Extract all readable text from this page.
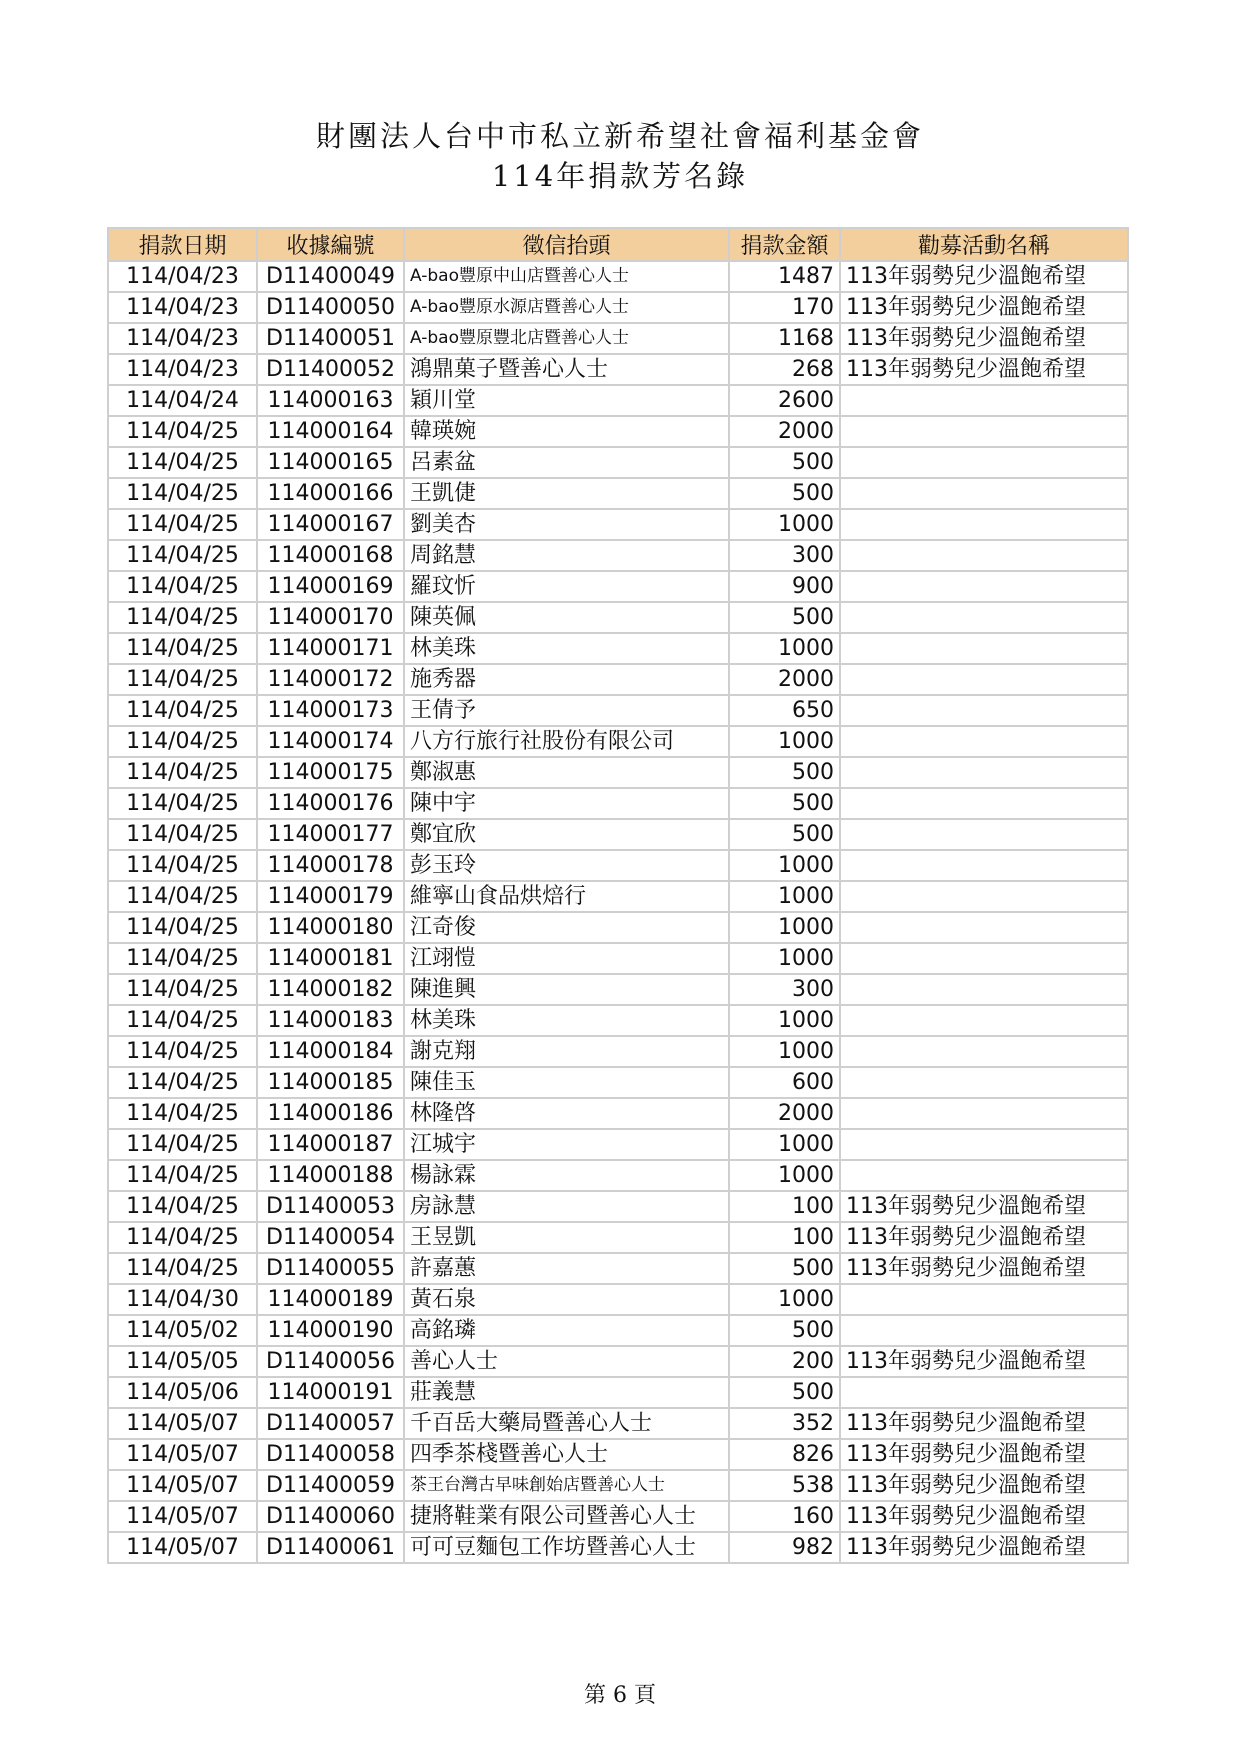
財團法人台中市私立新希望社會福利基金會
114年捐款芳名錄
捐款日期	收據編號	徵信抬頭	捐款金額	勸募活動名稱
114/04/23	D11400049	A-bao豐原中山店暨善心人士	1487	113年弱勢兒少溫飽希望
114/04/23	D11400050	A-bao豐原水源店暨善心人士	170	113年弱勢兒少溫飽希望
114/04/23	D11400051	A-bao豐原豐北店暨善心人士	1168	113年弱勢兒少溫飽希望
114/04/23	D11400052	鴻鼎菓子暨善心人士	268	113年弱勢兒少溫飽希望
114/04/24	114000163	穎川堂	2600	
114/04/25	114000164	韓瑛婉	2000	
114/04/25	114000165	呂素盆	500	
114/04/25	114000166	王凱倢	500	
114/04/25	114000167	劉美杏	1000	
114/04/25	114000168	周銘慧	300	
114/04/25	114000169	羅玟忻	900	
114/04/25	114000170	陳英佩	500	
114/04/25	114000171	林美珠	1000	
114/04/25	114000172	施秀器	2000	
114/04/25	114000173	王倩予	650	
114/04/25	114000174	八方行旅行社股份有限公司	1000	
114/04/25	114000175	鄭淑惠	500	
114/04/25	114000176	陳中宇	500	
114/04/25	114000177	鄭宜欣	500	
114/04/25	114000178	彭玉玲	1000	
114/04/25	114000179	維寧山食品烘焙行	1000	
114/04/25	114000180	江奇俊	1000	
114/04/25	114000181	江翊愷	1000	
114/04/25	114000182	陳進興	300	
114/04/25	114000183	林美珠	1000	
114/04/25	114000184	謝克翔	1000	
114/04/25	114000185	陳佳玉	600	
114/04/25	114000186	林隆啓	2000	
114/04/25	114000187	江城宇	1000	
114/04/25	114000188	楊詠霖	1000	
114/04/25	D11400053	房詠慧	100	113年弱勢兒少溫飽希望
114/04/25	D11400054	王昱凱	100	113年弱勢兒少溫飽希望
114/04/25	D11400055	許嘉蕙	500	113年弱勢兒少溫飽希望
114/04/30	114000189	黃石泉	1000	
114/05/02	114000190	高銘璘	500	
114/05/05	D11400056	善心人士	200	113年弱勢兒少溫飽希望
114/05/06	114000191	莊義慧	500	
114/05/07	D11400057	千百岳大藥局暨善心人士	352	113年弱勢兒少溫飽希望
114/05/07	D11400058	四季茶棧暨善心人士	826	113年弱勢兒少溫飽希望
114/05/07	D11400059	茶王台灣古早味創始店暨善心人士	538	113年弱勢兒少溫飽希望
114/05/07	D11400060	捷將鞋業有限公司暨善心人士	160	113年弱勢兒少溫飽希望
114/05/07	D11400061	可可豆麵包工作坊暨善心人士	982	113年弱勢兒少溫飽希望
第 6 頁
